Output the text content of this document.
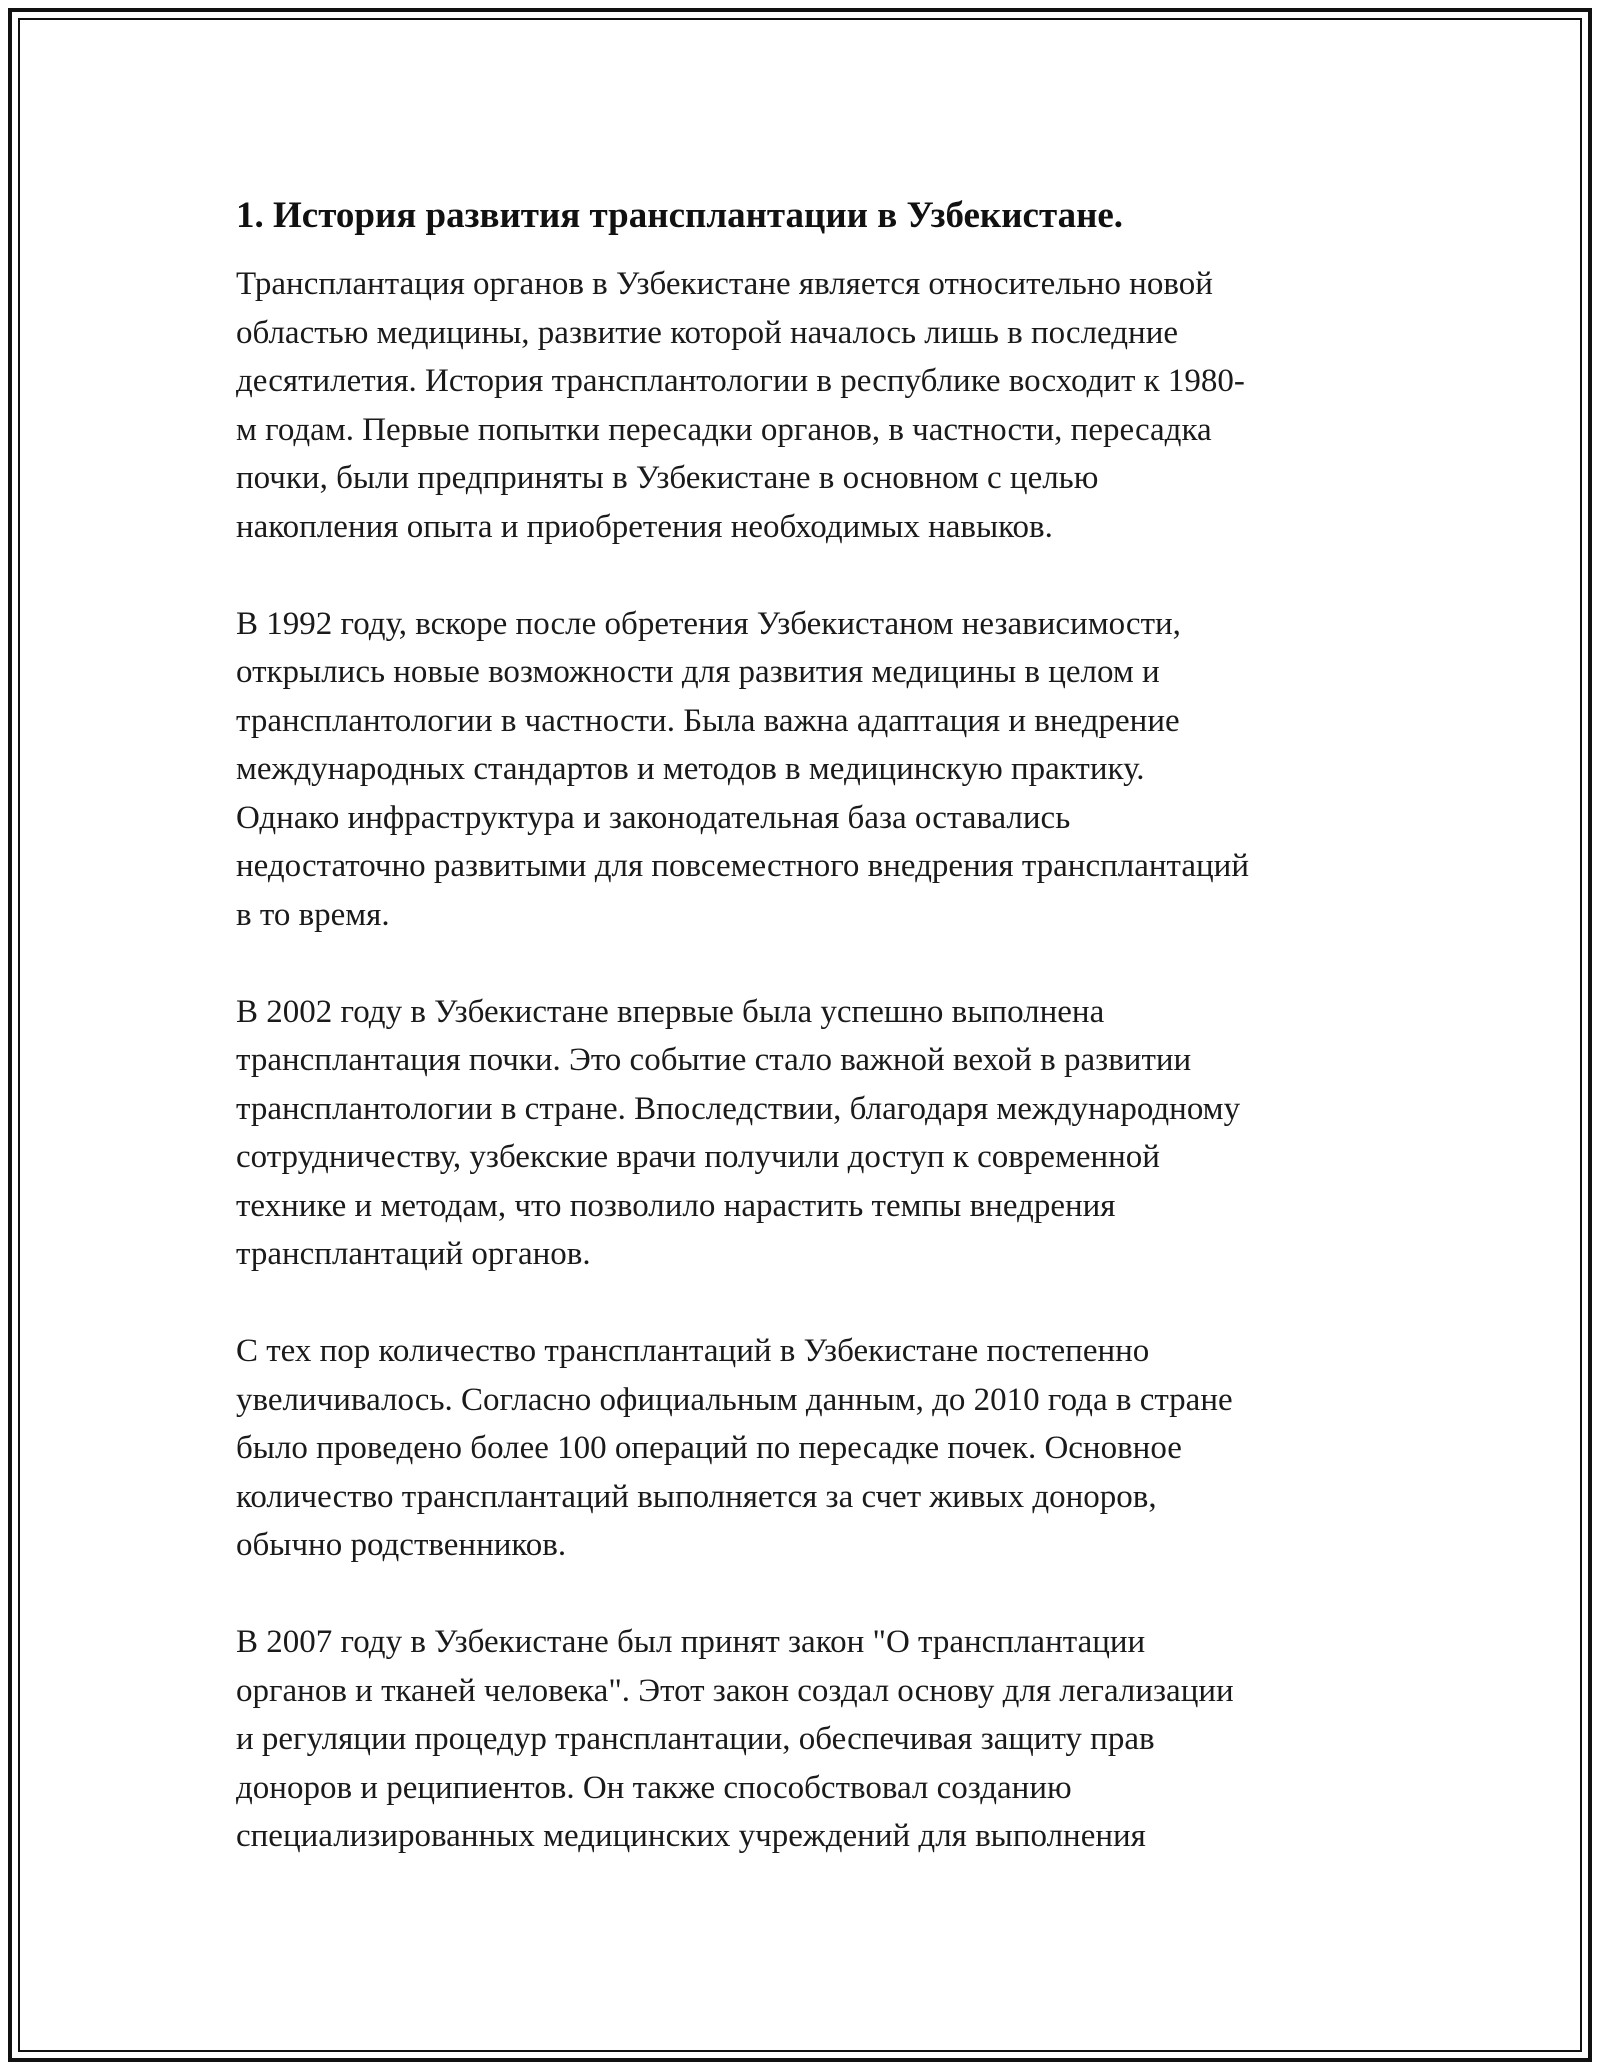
1. История развития трансплантации в Узбекистане.
Трансплантация органов в Узбекистане является относительно новой
областью медицины, развитие которой началось лишь в последние
десятилетия. История трансплантологии в республике восходит к 1980-
м годам. Первые попытки пересадки органов, в частности, пересадка
почки, были предприняты в Узбекистане в основном с целью
накопления опыта и приобретения необходимых навыков.
В 1992 году, вскоре после обретения Узбекистаном независимости,
открылись новые возможности для развития медицины в целом и
трансплантологии в частности. Была важна адаптация и внедрение
международных стандартов и методов в медицинскую практику.
Однако инфраструктура и законодательная база оставались
недостаточно развитыми для повсеместного внедрения трансплантаций
в то время.
В 2002 году в Узбекистане впервые была успешно выполнена
трансплантация почки. Это событие стало важной вехой в развитии
трансплантологии в стране. Впоследствии, благодаря международному
сотрудничеству, узбекские врачи получили доступ к современной
технике и методам, что позволило нарастить темпы внедрения
трансплантаций органов.
С тех пор количество трансплантаций в Узбекистане постепенно
увеличивалось. Согласно официальным данным, до 2010 года в стране
было проведено более 100 операций по пересадке почек. Основное
количество трансплантаций выполняется за счет живых доноров,
обычно родственников.
В 2007 году в Узбекистане был принят закон "О трансплантации
органов и тканей человека". Этот закон создал основу для легализации
и регуляции процедур трансплантации, обеспечивая защиту прав
доноров и реципиентов. Он также способствовал созданию
специализированных медицинских учреждений для выполнения
